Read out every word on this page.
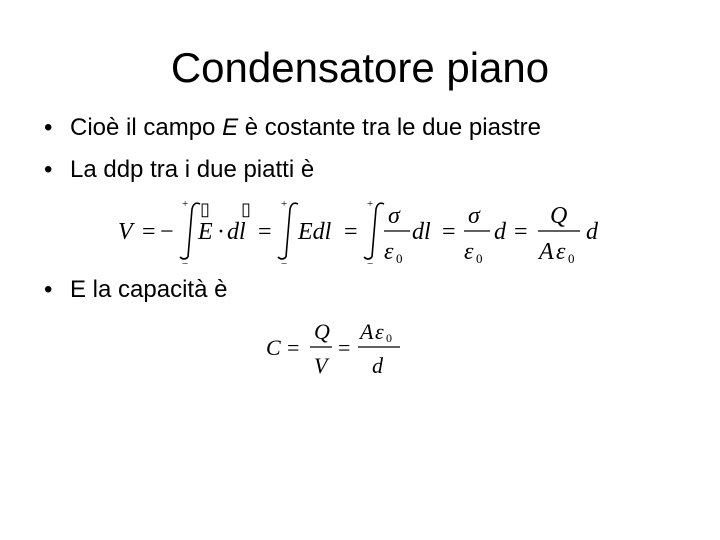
Condensatore piano
• Cioè il campo E è costante tra le due piastre
• La ddp tra i due piatti è
V = −
+
−
▯ ▯
E · dl =
+
−
Edl =
+
−
σ
ε 0
dl =
σ
ε 0
d =
Q
A ε 0
d
• E la capacità è
C =
Q
V
=
A ε 0
d
